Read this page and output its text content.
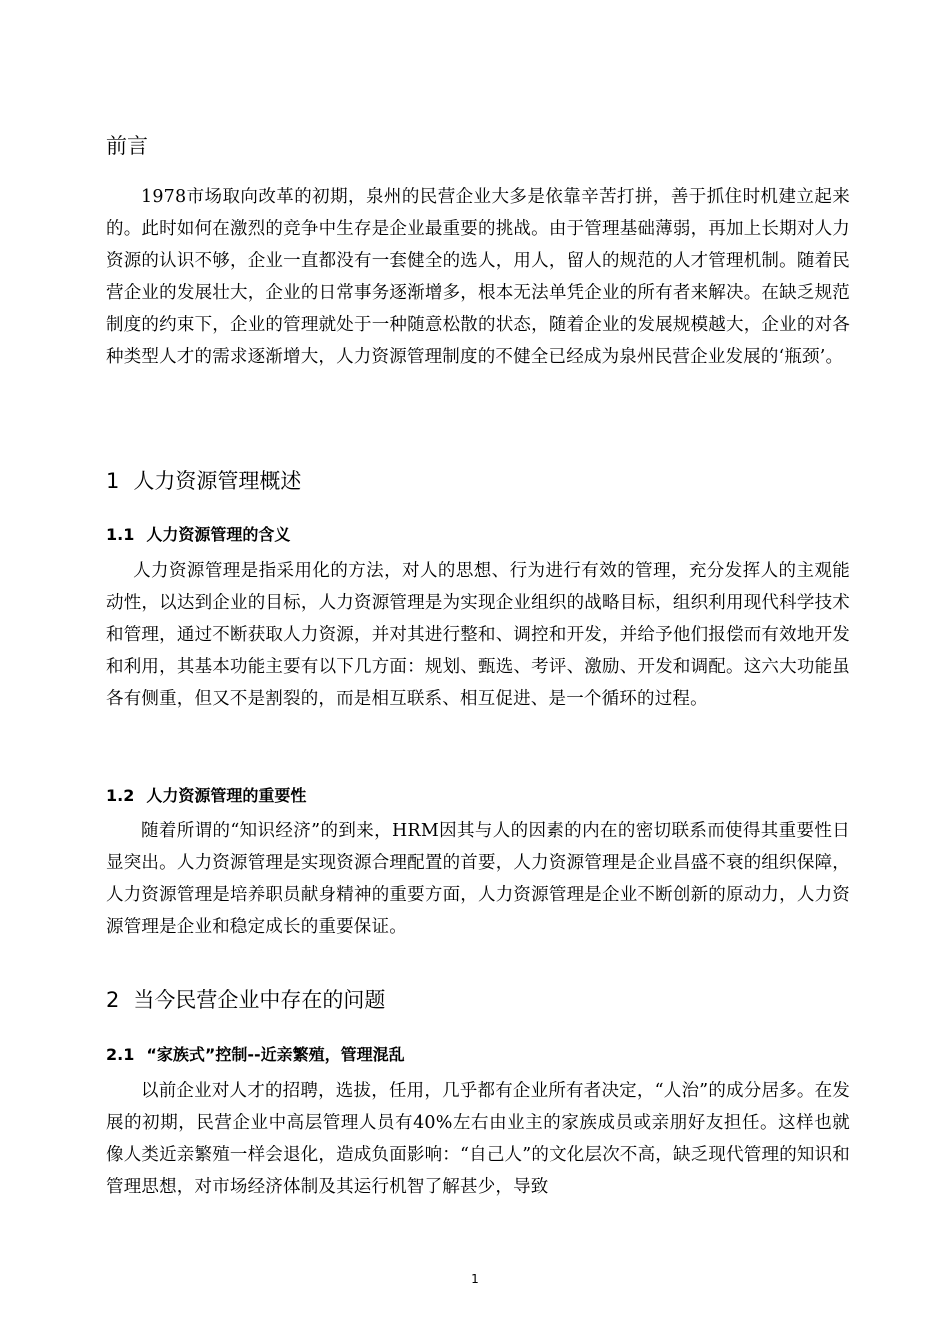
前言

1978市场取向改革的初期，泉州的民营企业大多是依靠辛苦打拼，善于抓住时机建立起来的。此时如何在激烈的竞争中生存是企业最重要的挑战。由于管理基础薄弱，再加上长期对人力资源的认识不够，企业一直都没有一套健全的选人，用人，留人的规范的人才管理机制。随着民营企业的发展壮大，企业的日常事务逐渐增多，根本无法单凭企业的所有者来解决。在缺乏规范制度的约束下，企业的管理就处于一种随意松散的状态，随着企业的发展规模越大，企业的对各种类型人才的需求逐渐增大，人力资源管理制度的不健全已经成为泉州民营企业发展的‘瓶颈’。

1 人力资源管理概述
1.1 人力资源管理的含义

人力资源管理是指采用化的方法，对人的思想、行为进行有效的管理，充分发挥人的主观能动性，以达到企业的目标，人力资源管理是为实现企业组织的战略目标，组织利用现代科学技术和管理，通过不断获取人力资源，并对其进行整和、调控和开发，并给予他们报偿而有效地开发和利用，其基本功能主要有以下几方面：规划、甄选、考评、激励、开发和调配。这六大功能虽各有侧重，但又不是割裂的，而是相互联系、相互促进、是一个循环的过程。

1.2 人力资源管理的重要性

随着所谓的“知识经济”的到来，HRM因其与人的因素的内在的密切联系而使得其重要性日显突出。人力资源管理是实现资源合理配置的首要，人力资源管理是企业昌盛不衰的组织保障，人力资源管理是培养职员献身精神的重要方面，人力资源管理是企业不断创新的原动力，人力资源管理是企业和稳定成长的重要保证。

2 当今民营企业中存在的问题
2.1 “家族式”控制--近亲繁殖，管理混乱

以前企业对人才的招聘，选拔，任用，几乎都有企业所有者决定，“人治”的成分居多。在发展的初期，民营企业中高层管理人员有40%左右由业主的家族成员或亲朋好友担任。这样也就像人类近亲繁殖一样会退化，造成负面影响：“自己人”的文化层次不高，缺乏现代管理的知识和管理思想，对市场经济体制及其运行机智了解甚少，导致

1
